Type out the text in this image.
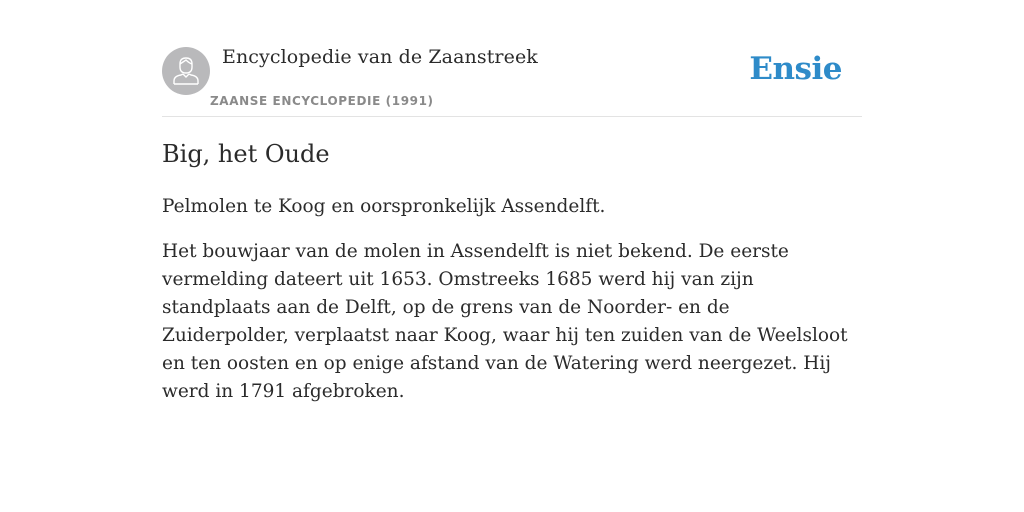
Encyclopedie van de Zaanstreek
ZAANSE ENCYCLOPEDIE (1991)
Ensie
Big, het Oude

Pelmolen te Koog en oorspronkelijk Assendelft.

Het bouwjaar van de molen in Assendelft is niet bekend. De eerste vermelding dateert uit 1653. Omstreeks 1685 werd hij van zijn standplaats aan de Delft, op de grens van de Noorder- en de Zuiderpolder, verplaatst naar Koog, waar hij ten zuiden van de Weelsloot en ten oosten en op enige afstand van de Watering werd neergezet. Hij werd in 1791 afgebroken.
